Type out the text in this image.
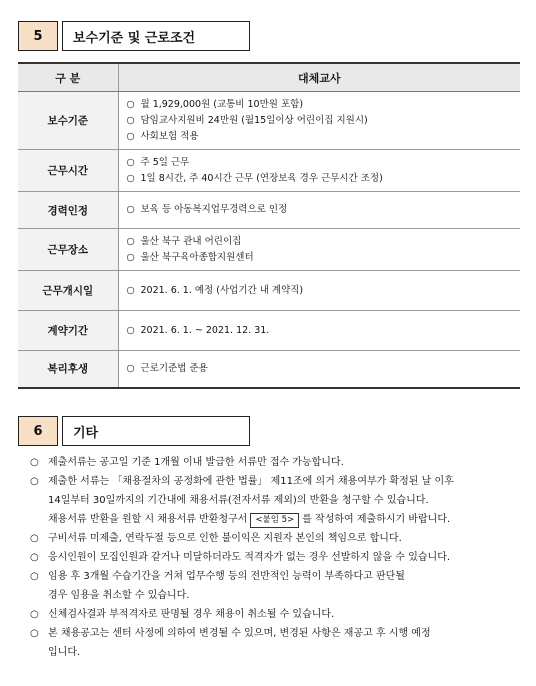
5	보수기준 및 근로조건
구 분	대체교사
보수기준	○ 월 1,929,000원 (교통비 10만원 포함)
○ 담임교사지원비 24만원 (월15일이상 어린이집 지원시)
○ 사회보험 적용

근무시간	○ 주 5일 근무
○ 1일 8시간, 주 40시간 근무 (연장보육 경우 근무시간 조정)

경력인정	○ 보육 등 아동복지업무경력으로 인정

근무장소	○ 울산 북구 관내 어린이집
○ 울산 북구육아종합지원센터

근무개시일	○ 2021. 6. 1. 예정 (사업기간 내 계약직)

계약기간	○ 2021. 6. 1. ~ 2021. 12. 31.

복리후생	○ 근로기준법 준용
6	기타
○ 제출서류는 공고일 기준 1개월 이내 발급한 서류만 접수 가능합니다.
○ 제출한 서류는 「채용절차의 공정화에 관한 법률」 제11조에 의거 채용여부가 확정된 날 이후
14일부터 30일까지의 기간내에 채용서류(전자서류 제외)의 반환을 청구할 수 있습니다.
채용서류 반환을 원할 시 채용서류 반환청구서 <붙임 5> 를 작성하여 제출하시기 바랍니다.
○ 구비서류 미제출, 연락두절 등으로 인한 불이익은 지원자 본인의 책임으로 합니다.
○ 응시인원이 모집인원과 같거나 미달하더라도 적격자가 없는 경우 선발하지 않을 수 있습니다.
○ 임용 후 3개월 수습기간을 거쳐 업무수행 등의 전반적인 능력이 부족하다고 판단될
경우 임용을 취소할 수 있습니다.
○ 신체검사결과 부적격자로 판명될 경우 채용이 취소될 수 있습니다.
○ 본 채용공고는 센터 사정에 의하여 변경될 수 있으며, 변경된 사항은 재공고 후 시행 예정
입니다.
